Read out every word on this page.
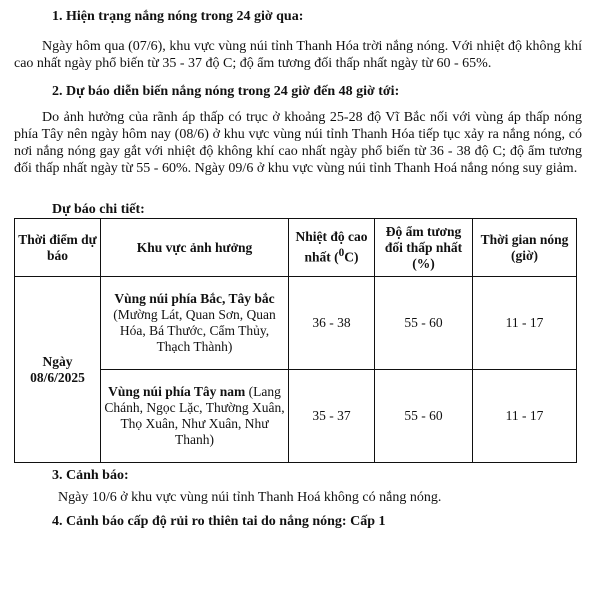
1. Hiện trạng nắng nóng trong 24 giờ qua:
Ngày hôm qua (07/6), khu vực vùng núi tỉnh Thanh Hóa trời nắng nóng. Với nhiệt độ không khí cao nhất ngày phổ biến từ 35 - 37 độ C; độ ẩm tương đối thấp nhất ngày từ 60 - 65%.
2. Dự báo diễn biến nắng nóng trong 24 giờ đến 48 giờ tới:
Do ảnh hưởng của rãnh áp thấp có trục ở khoảng 25-28 độ Vĩ Bắc nối với vùng áp thấp nóng phía Tây nên ngày hôm nay (08/6) ở khu vực vùng núi tỉnh Thanh Hóa tiếp tục xảy ra nắng nóng, có nơi nắng nóng gay gắt với nhiệt độ không khí cao nhất ngày phổ biến từ 36 - 38 độ C; độ ẩm tương đối thấp nhất ngày từ 55 - 60%. Ngày 09/6 ở khu vực vùng núi tỉnh Thanh Hoá nắng nóng suy giảm.
Dự báo chi tiết:
Thời điểm dự báo	Khu vực ảnh hưởng	Nhiệt độ cao nhất ($^0$C)	Độ ẩm tương đối thấp nhất (%)	Thời gian nóng (giờ)
Ngày 08/6/2025	Vùng núi phía Bắc, Tây bắc (Mường Lát, Quan Sơn, Quan Hóa, Bá Thước, Cẩm Thủy, Thạch Thành)	36 - 38	55 - 60	11 - 17
	Vùng núi phía Tây nam (Lang Chánh, Ngọc Lặc, Thường Xuân, Thọ Xuân, Như Xuân, Như Thanh)	35 - 37	55 - 60	11 - 17
3. Cảnh báo:
Ngày 10/6 ở khu vực vùng núi tỉnh Thanh Hoá không có nắng nóng.
4. Cảnh báo cấp độ rủi ro thiên tai do nắng nóng: Cấp 1
